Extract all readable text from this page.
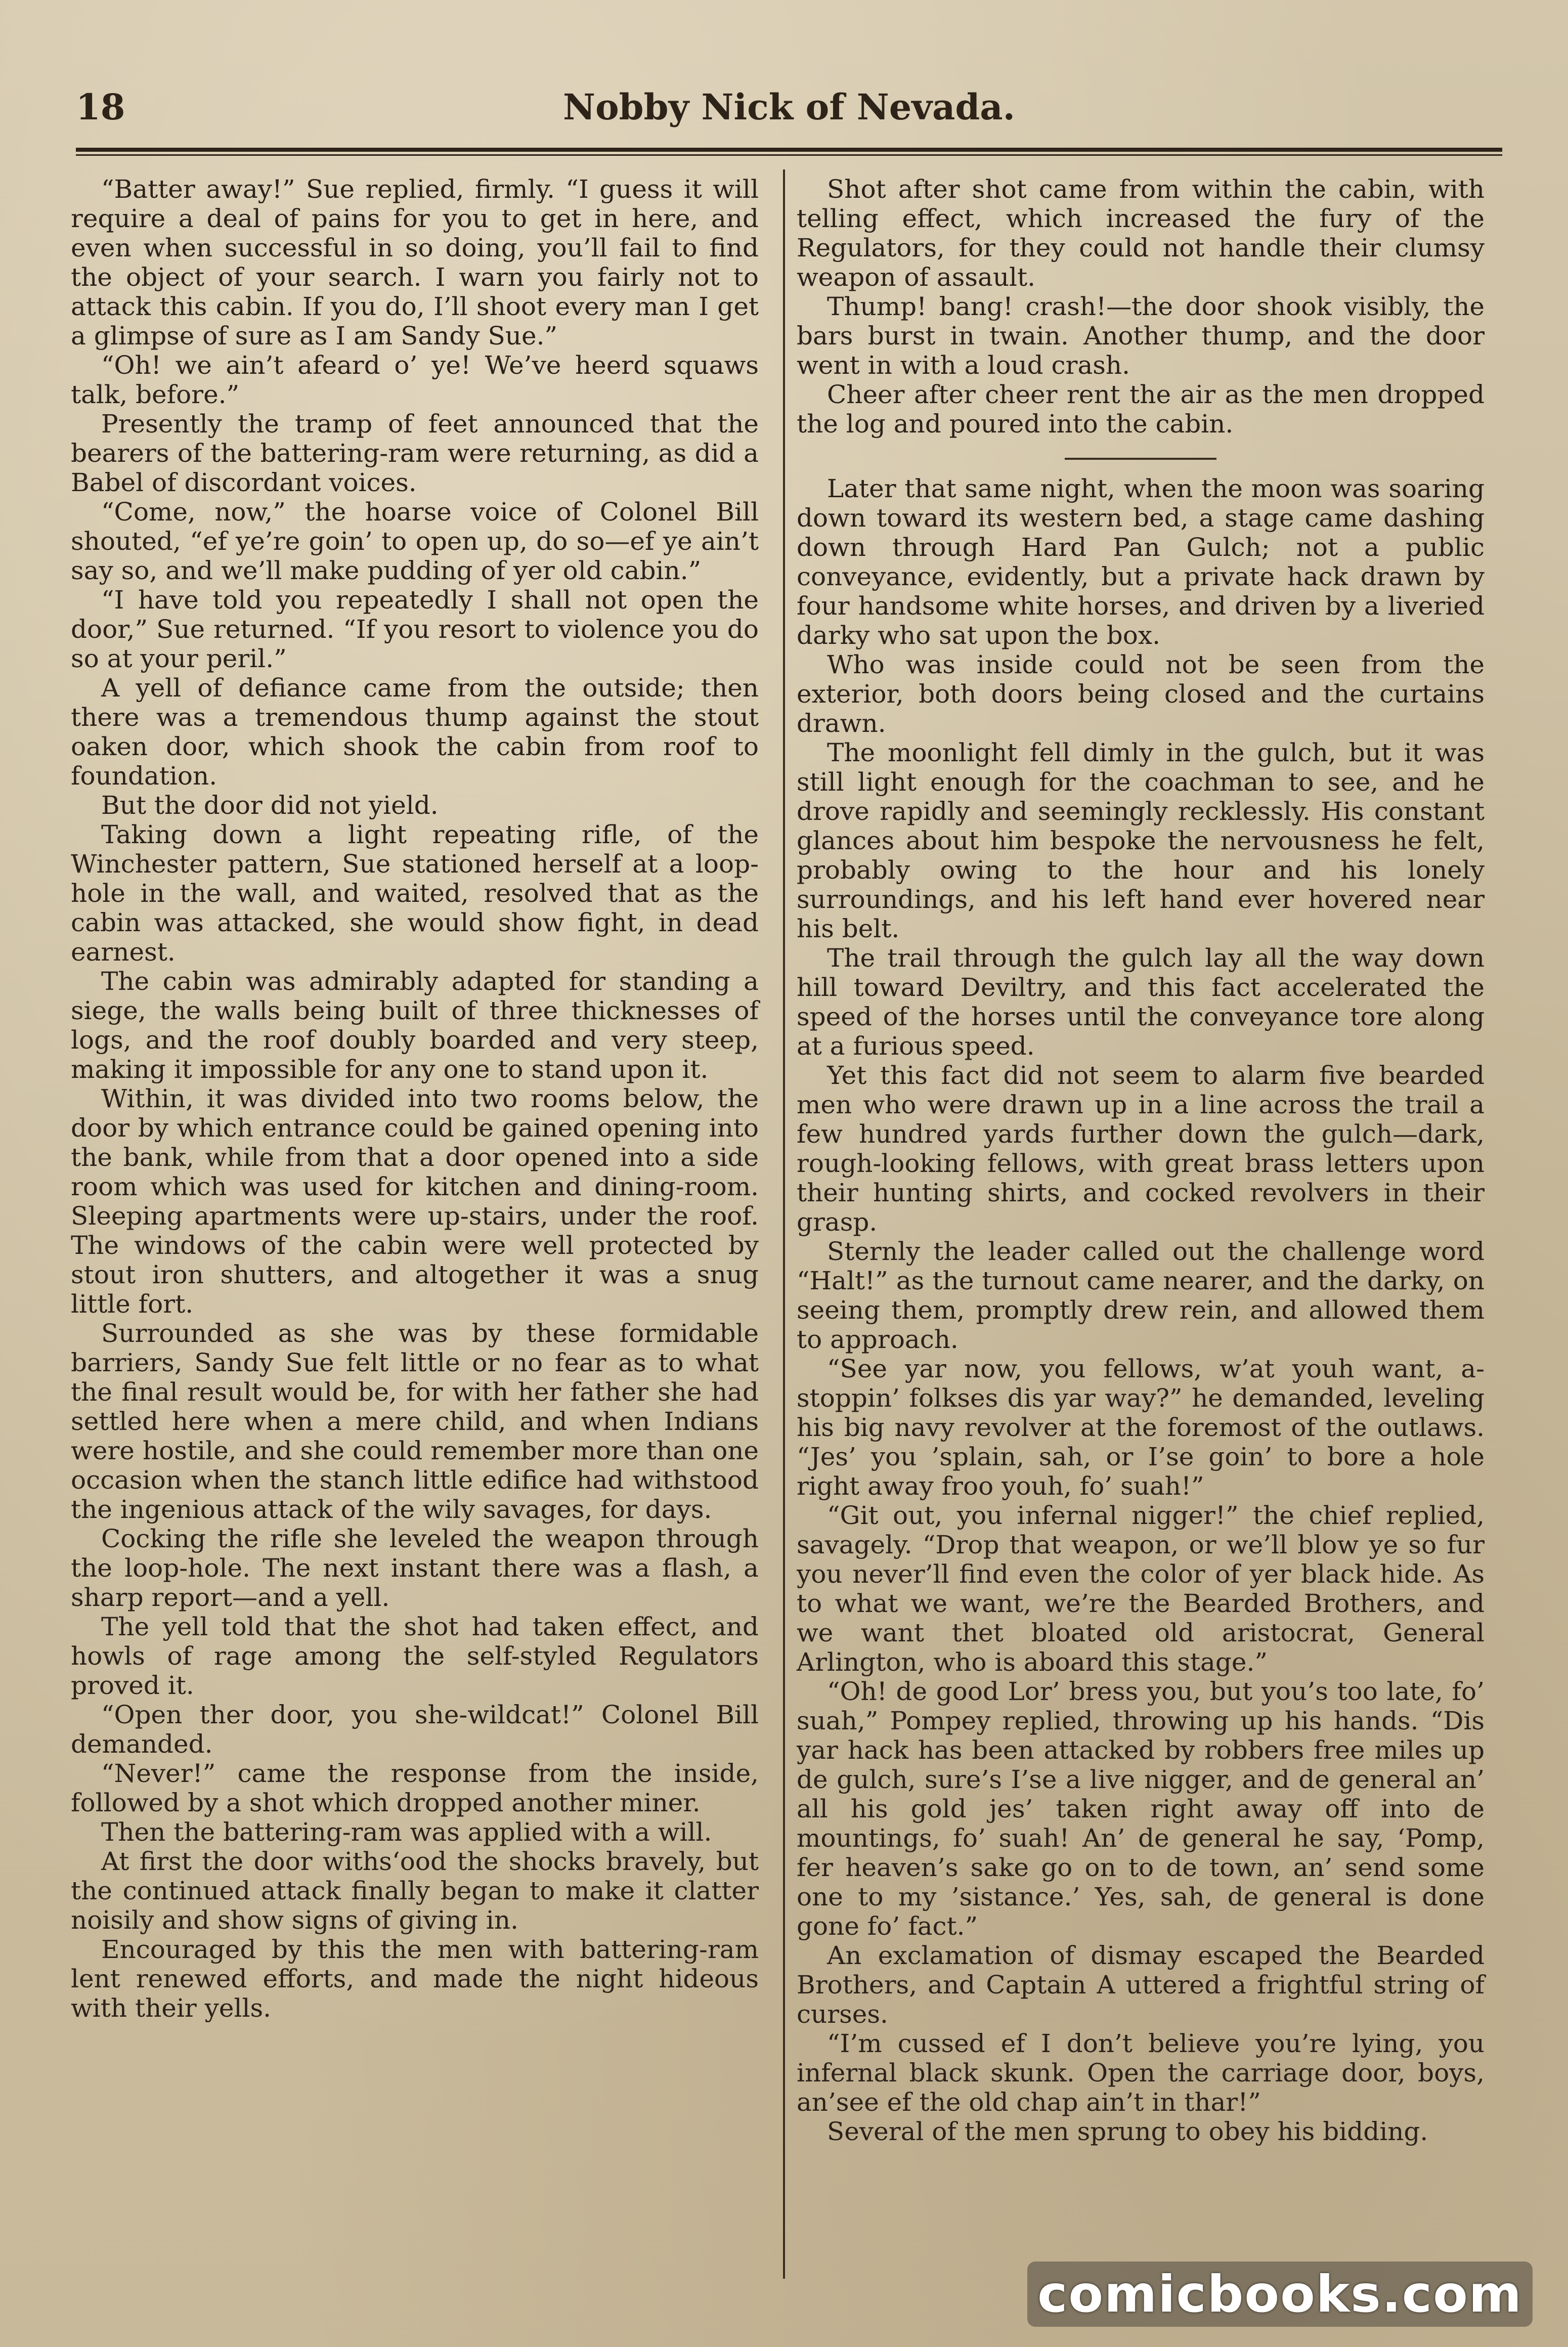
18	Nobby Nick of Nevada.

“Batter away!” Sue replied, firmly. “I guess it will require a deal of pains for you to get in here, and even when successful in so doing, you’ll fail to find the object of your search. I warn you fairly not to attack this cabin. If you do, I’ll shoot every man I get a glimpse of sure as I am Sandy Sue.”

“Oh! we ain’t afeard o’ ye! We’ve heerd squaws talk, before.”

Presently the tramp of feet announced that the bearers of the battering-ram were returning, as did a Babel of discordant voices.

“Come, now,” the hoarse voice of Colonel Bill shouted, “ef ye’re goin’ to open up, do so—ef ye ain’t say so, and we’ll make pudding of yer old cabin.”

“I have told you repeatedly I shall not open the door,” Sue returned. “If you resort to violence you do so at your peril.”

A yell of defiance came from the outside; then there was a tremendous thump against the stout oaken door, which shook the cabin from roof to foundation.

But the door did not yield.

Taking down a light repeating rifle, of the Winchester pattern, Sue stationed herself at a loop-hole in the wall, and waited, resolved that as the cabin was attacked, she would show fight, in dead earnest.

The cabin was admirably adapted for standing a siege, the walls being built of three thicknesses of logs, and the roof doubly boarded and very steep, making it impossible for any one to stand upon it.

Within, it was divided into two rooms below, the door by which entrance could be gained opening into the bank, while from that a door opened into a side room which was used for kitchen and dining-room. Sleeping apartments were up-stairs, under the roof. The windows of the cabin were well protected by stout iron shutters, and altogether it was a snug little fort.

Surrounded as she was by these formidable barriers, Sandy Sue felt little or no fear as to what the final result would be, for with her father she had settled here when a mere child, and when Indians were hostile, and she could remember more than one occasion when the stanch little edifice had withstood the ingenious attack of the wily savages, for days.

Cocking the rifle she leveled the weapon through the loop-hole. The next instant there was a flash, a sharp report—and a yell.

The yell told that the shot had taken effect, and howls of rage among the self-styled Regulators proved it.

“Open ther door, you she-wildcat!” Colonel Bill demanded.

“Never!” came the response from the inside, followed by a shot which dropped another miner.

Then the battering-ram was applied with a will.

At first the door withs‘ood the shocks bravely, but the continued attack finally began to make it clatter noisily and show signs of giving in.

Encouraged by this the men with battering-ram lent renewed efforts, and made the night hideous with their yells.

Shot after shot came from within the cabin, with telling effect, which increased the fury of the Regulators, for they could not handle their clumsy weapon of assault.

Thump! bang! crash!—the door shook visibly, the bars burst in twain. Another thump, and the door went in with a loud crash.

Cheer after cheer rent the air as the men dropped the log and poured into the cabin.

Later that same night, when the moon was soaring down toward its western bed, a stage came dashing down through Hard Pan Gulch; not a public conveyance, evidently, but a private hack drawn by four handsome white horses, and driven by a liveried darky who sat upon the box.

Who was inside could not be seen from the exterior, both doors being closed and the curtains drawn.

The moonlight fell dimly in the gulch, but it was still light enough for the coachman to see, and he drove rapidly and seemingly recklessly. His constant glances about him bespoke the nervousness he felt, probably owing to the hour and his lonely surroundings, and his left hand ever hovered near his belt.

The trail through the gulch lay all the way down hill toward Deviltry, and this fact accelerated the speed of the horses until the conveyance tore along at a furious speed.

Yet this fact did not seem to alarm five bearded men who were drawn up in a line across the trail a few hundred yards further down the gulch—dark, rough-looking fellows, with great brass letters upon their hunting shirts, and cocked revolvers in their grasp.

Sternly the leader called out the challenge word “Halt!” as the turnout came nearer, and the darky, on seeing them, promptly drew rein, and allowed them to approach.

“See yar now, you fellows, w’at youh want, a-stoppin’ folkses dis yar way?” he demanded, leveling his big navy revolver at the foremost of the outlaws. “Jes’ you ’splain, sah, or I’se goin’ to bore a hole right away froo youh, fo’ suah!”

“Git out, you infernal nigger!” the chief replied, savagely. “Drop that weapon, or we’ll blow ye so fur you never’ll find even the color of yer black hide. As to what we want, we’re the Bearded Brothers, and we want thet bloated old aristocrat, General Arlington, who is aboard this stage.”

“Oh! de good Lor’ bress you, but you’s too late, fo’ suah,” Pompey replied, throwing up his hands. “Dis yar hack has been attacked by robbers free miles up de gulch, sure’s I’se a live nigger, and de general an’ all his gold jes’ taken right away off into de mountings, fo’ suah! An’ de general he say, ‘Pomp, fer heaven’s sake go on to de town, an’ send some one to my ’sistance.’ Yes, sah, de general is done gone fo’ fact.”

An exclamation of dismay escaped the Bearded Brothers, and Captain A uttered a frightful string of curses.

“I’m cussed ef I don’t believe you’re lying, you infernal black skunk. Open the carriage door, boys, an’see ef the old chap ain’t in thar!”

Several of the men sprung to obey his bidding.

comicbooks.com
